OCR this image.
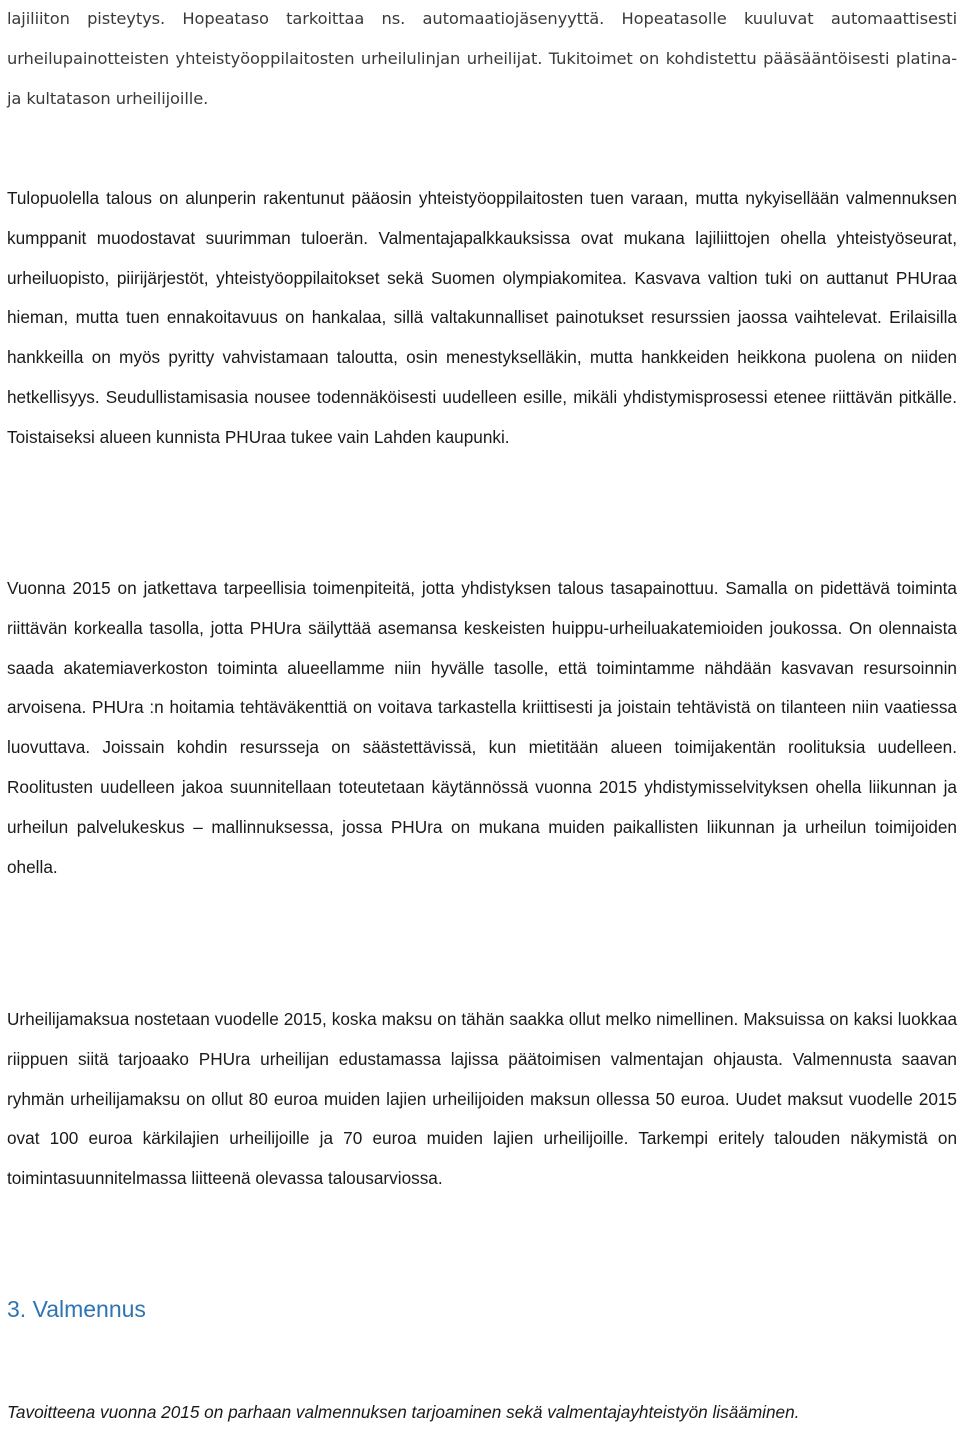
lajiliiton pisteytys. Hopeataso tarkoittaa ns. automaatiojäsenyyttä. Hopeatasolle kuuluvat automaattisesti urheilupainotteisten yhteistyöoppilaitosten urheilulinjan urheilijat. Tukitoimet on kohdistettu pääsääntöisesti platina- ja kultatason urheilijoille.

Tulopuolella talous on alunperin rakentunut pääosin yhteistyöoppilaitosten tuen varaan, mutta nykyisellään valmennuksen kumppanit muodostavat suurimman tuloerän. Valmentajapalkkauksissa ovat mukana lajiliittojen ohella yhteistyöseurat, urheiluopisto, piirijärjestöt, yhteistyöoppilaitokset sekä Suomen olympiakomitea. Kasvava valtion tuki on auttanut PHUraa hieman, mutta tuen ennakoitavuus on hankalaa, sillä valtakunnalliset painotukset resurssien jaossa vaihtelevat. Erilaisilla hankkeilla on myös pyritty vahvistamaan taloutta, osin menestykselläkin, mutta hankkeiden heikkona puolena on niiden hetkellisyys. Seudullistamisasia nousee todennäköisesti uudelleen esille, mikäli yhdistymisprosessi etenee riittävän pitkälle. Toistaiseksi alueen kunnista PHUraa tukee vain Lahden kaupunki.

Vuonna 2015 on jatkettava tarpeellisia toimenpiteitä, jotta yhdistyksen talous tasapainottuu. Samalla on pidettävä toiminta riittävän korkealla tasolla, jotta PHUra säilyttää asemansa keskeisten huippu-urheiluakatemioiden joukossa. On olennaista saada akatemiaverkoston toiminta alueellamme niin hyvälle tasolle, että toimintamme nähdään kasvavan resursoinnin arvoisena. PHUra :n hoitamia tehtäväkenttiä on voitava tarkastella kriittisesti ja joistain tehtävistä on tilanteen niin vaatiessa luovuttava. Joissain kohdin resursseja on säästettävissä, kun mietitään alueen toimijakentän roolituksia uudelleen. Roolitusten uudelleen jakoa suunnitellaan toteutetaan käytännössä vuonna 2015 yhdistymisselvityksen ohella liikunnan ja urheilun palvelukeskus – mallinnuksessa, jossa PHUra on mukana muiden paikallisten liikunnan ja urheilun toimijoiden ohella.

Urheilijamaksua nostetaan vuodelle 2015, koska maksu on tähän saakka ollut melko nimellinen. Maksuissa on kaksi luokkaa riippuen siitä tarjoaako PHUra urheilijan edustamassa lajissa päätoimisen valmentajan ohjausta. Valmennusta saavan ryhmän urheilijamaksu on ollut 80 euroa muiden lajien urheilijoiden maksun ollessa 50 euroa. Uudet maksut vuodelle 2015 ovat 100 euroa kärkilajien urheilijoille ja 70 euroa muiden lajien urheilijoille. Tarkempi eritely talouden näkymistä on toimintasuunnitelmassa liitteenä olevassa talousarviossa.

3. Valmennus

Tavoitteena vuonna 2015 on parhaan valmennuksen tarjoaminen sekä valmentajayhteistyön lisääminen.
